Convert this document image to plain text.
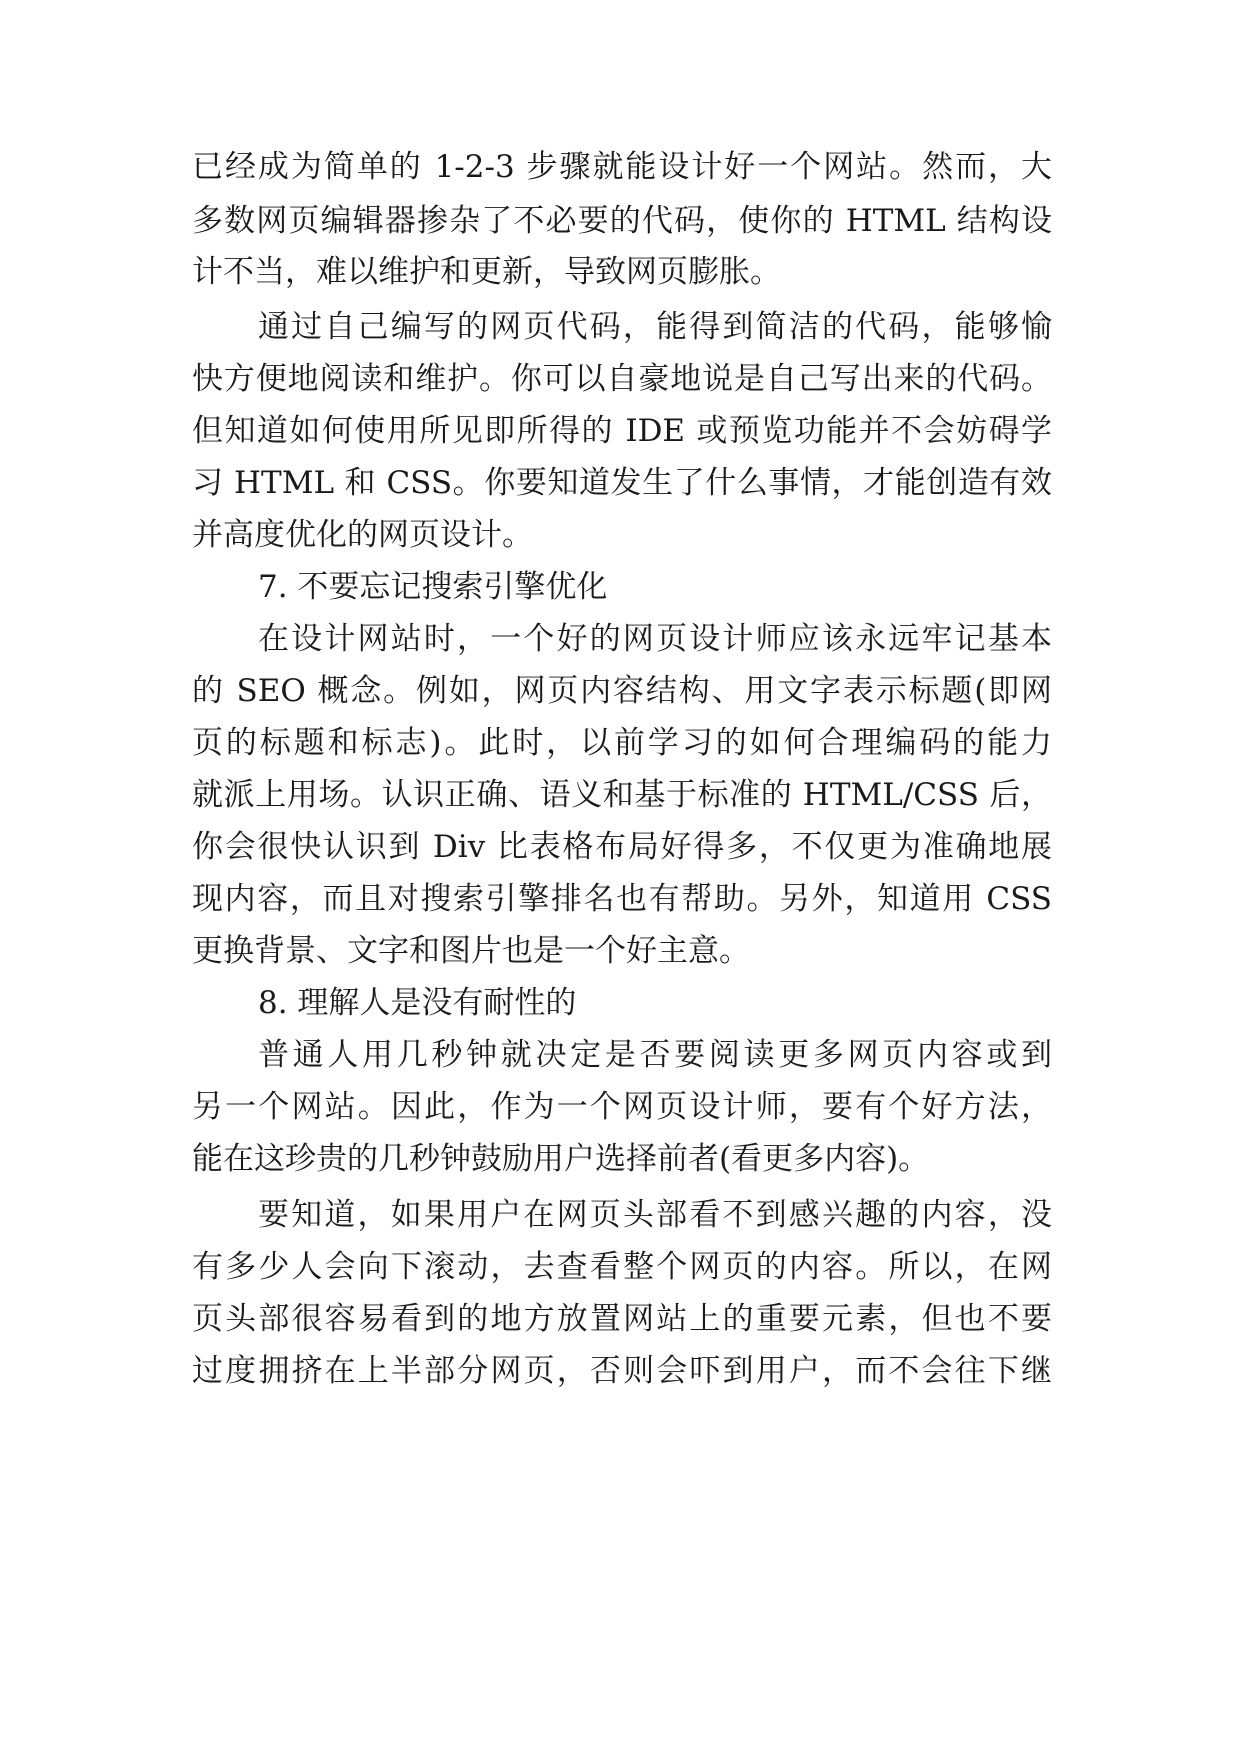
已经成为简单的 1-2-3 步骤就能设计好一个网站。然而，大
多数网页编辑器掺杂了不必要的代码，使你的 HTML 结构设
计不当，难以维护和更新，导致网页膨胀。
通过自己编写的网页代码，能得到简洁的代码，能够愉
快方便地阅读和维护。你可以自豪地说是自己写出来的代码。
但知道如何使用所见即所得的 IDE 或预览功能并不会妨碍学
习 HTML 和 CSS。你要知道发生了什么事情，才能创造有效
并高度优化的网页设计。
7. 不要忘记搜索引擎优化
在设计网站时，一个好的网页设计师应该永远牢记基本
的 SEO 概念。例如，网页内容结构、用文字表示标题(即网
页的标题和标志)。此时，以前学习的如何合理编码的能力
就派上用场。认识正确、语义和基于标准的 HTML/CSS 后，
你会很快认识到 Div 比表格布局好得多，不仅更为准确地展
现内容，而且对搜索引擎排名也有帮助。另外，知道用 CSS
更换背景、文字和图片也是一个好主意。
8. 理解人是没有耐性的
普通人用几秒钟就决定是否要阅读更多网页内容或到
另一个网站。因此，作为一个网页设计师，要有个好方法，
能在这珍贵的几秒钟鼓励用户选择前者(看更多内容)。
要知道，如果用户在网页头部看不到感兴趣的内容，没
有多少人会向下滚动，去查看整个网页的内容。所以，在网
页头部很容易看到的地方放置网站上的重要元素，但也不要
过度拥挤在上半部分网页，否则会吓到用户，而不会往下继
